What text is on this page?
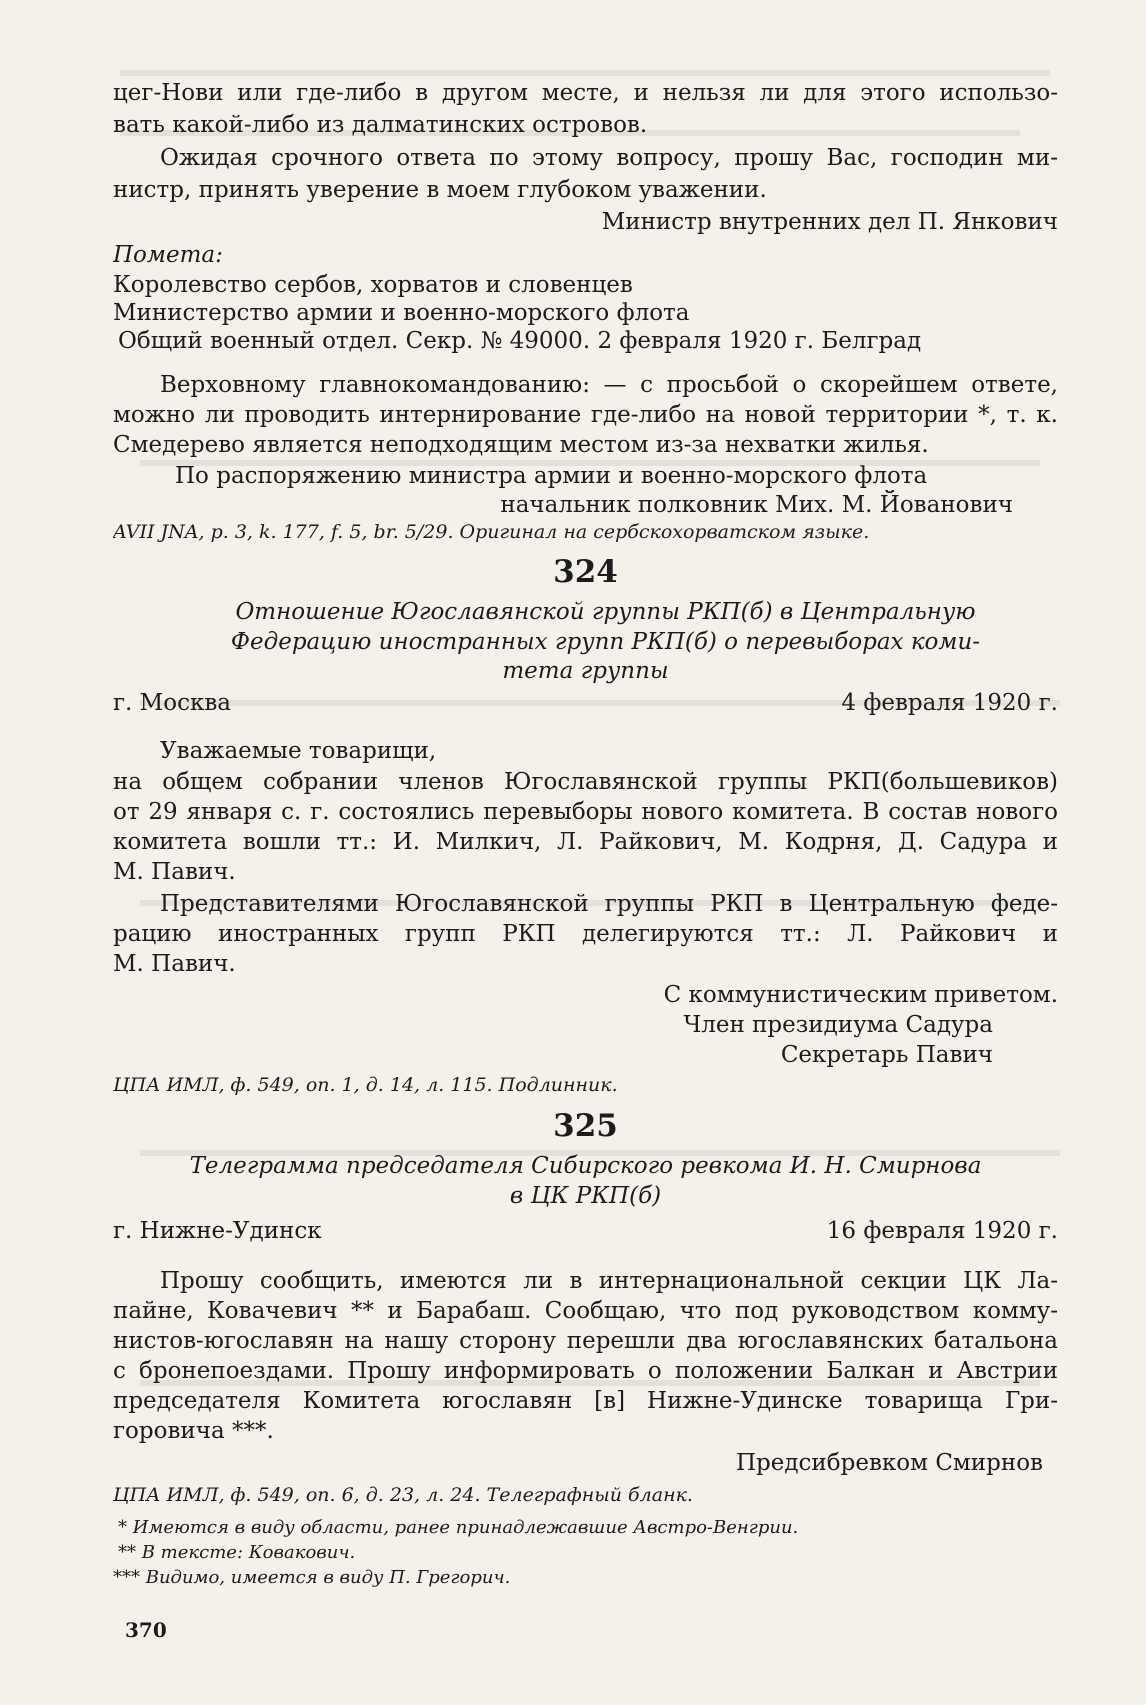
цег-Нови или где-либо в другом месте, и нельзя ли для этого использо-
вать какой-либо из далматинских островов.
Ожидая срочного ответа по этому вопросу, прошу Вас, господин ми-
нистр, принять уверение в моем глубоком уважении.
Министр внутренних дел П. Янкович
Помета:
Королевство сербов, хорватов и словенцев
Министерство армии и военно-морского флота
Общий военный отдел. Секр. № 49000. 2 февраля 1920 г. Белград
Верховному главнокомандованию: — с просьбой о скорейшем ответе,
можно ли проводить интернирование где-либо на новой территории *, т. к.
Смедерево является неподходящим местом из-за нехватки жилья.
По распоряжению министра армии и военно-морского флота
начальник полковник Мих. М. Йованович
AVII JNA, p. 3, k. 177, f. 5, br. 5/29. Оригинал на сербскохорватском языке.
324
Отношение Югославянской группы РКП(б) в Центральную
Федерацию иностранных групп РКП(б) о перевыборах коми-
тета группы
г. Москва	4 февраля 1920 г.
Уважаемые товарищи,
на общем собрании членов Югославянской группы РКП(большевиков)
от 29 января с. г. состоялись перевыборы нового комитета. В состав нового
комитета вошли тт.: И. Милкич, Л. Райкович, М. Кодрня, Д. Садура и
М. Павич.
Представителями Югославянской группы РКП в Центральную феде-
рацию иностранных групп РКП делегируются тт.: Л. Райкович и
М. Павич.
С коммунистическим приветом.
Член президиума Садура
Секретарь Павич
ЦПА ИМЛ, ф. 549, оп. 1, д. 14, л. 115. Подлинник.
325
Телеграмма председателя Сибирского ревкома И. Н. Смирнова
в ЦК РКП(б)
г. Нижне-Удинск	16 февраля 1920 г.
Прошу сообщить, имеются ли в интернациональной секции ЦК Ла-
пайне, Ковачевич ** и Барабаш. Сообщаю, что под руководством комму-
нистов-югославян на нашу сторону перешли два югославянских батальона
с бронепоездами. Прошу информировать о положении Балкан и Австрии
председателя Комитета югославян [в] Нижне-Удинске товарища Гри-
горовича ***.
Предсибревком Смирнов
ЦПА ИМЛ, ф. 549, оп. 6, д. 23, л. 24. Телеграфный бланк.
* Имеются в виду области, ранее принадлежавшие Австро-Венгрии.
** В тексте: Ковакович.
*** Видимо, имеется в виду П. Грегорич.
370
